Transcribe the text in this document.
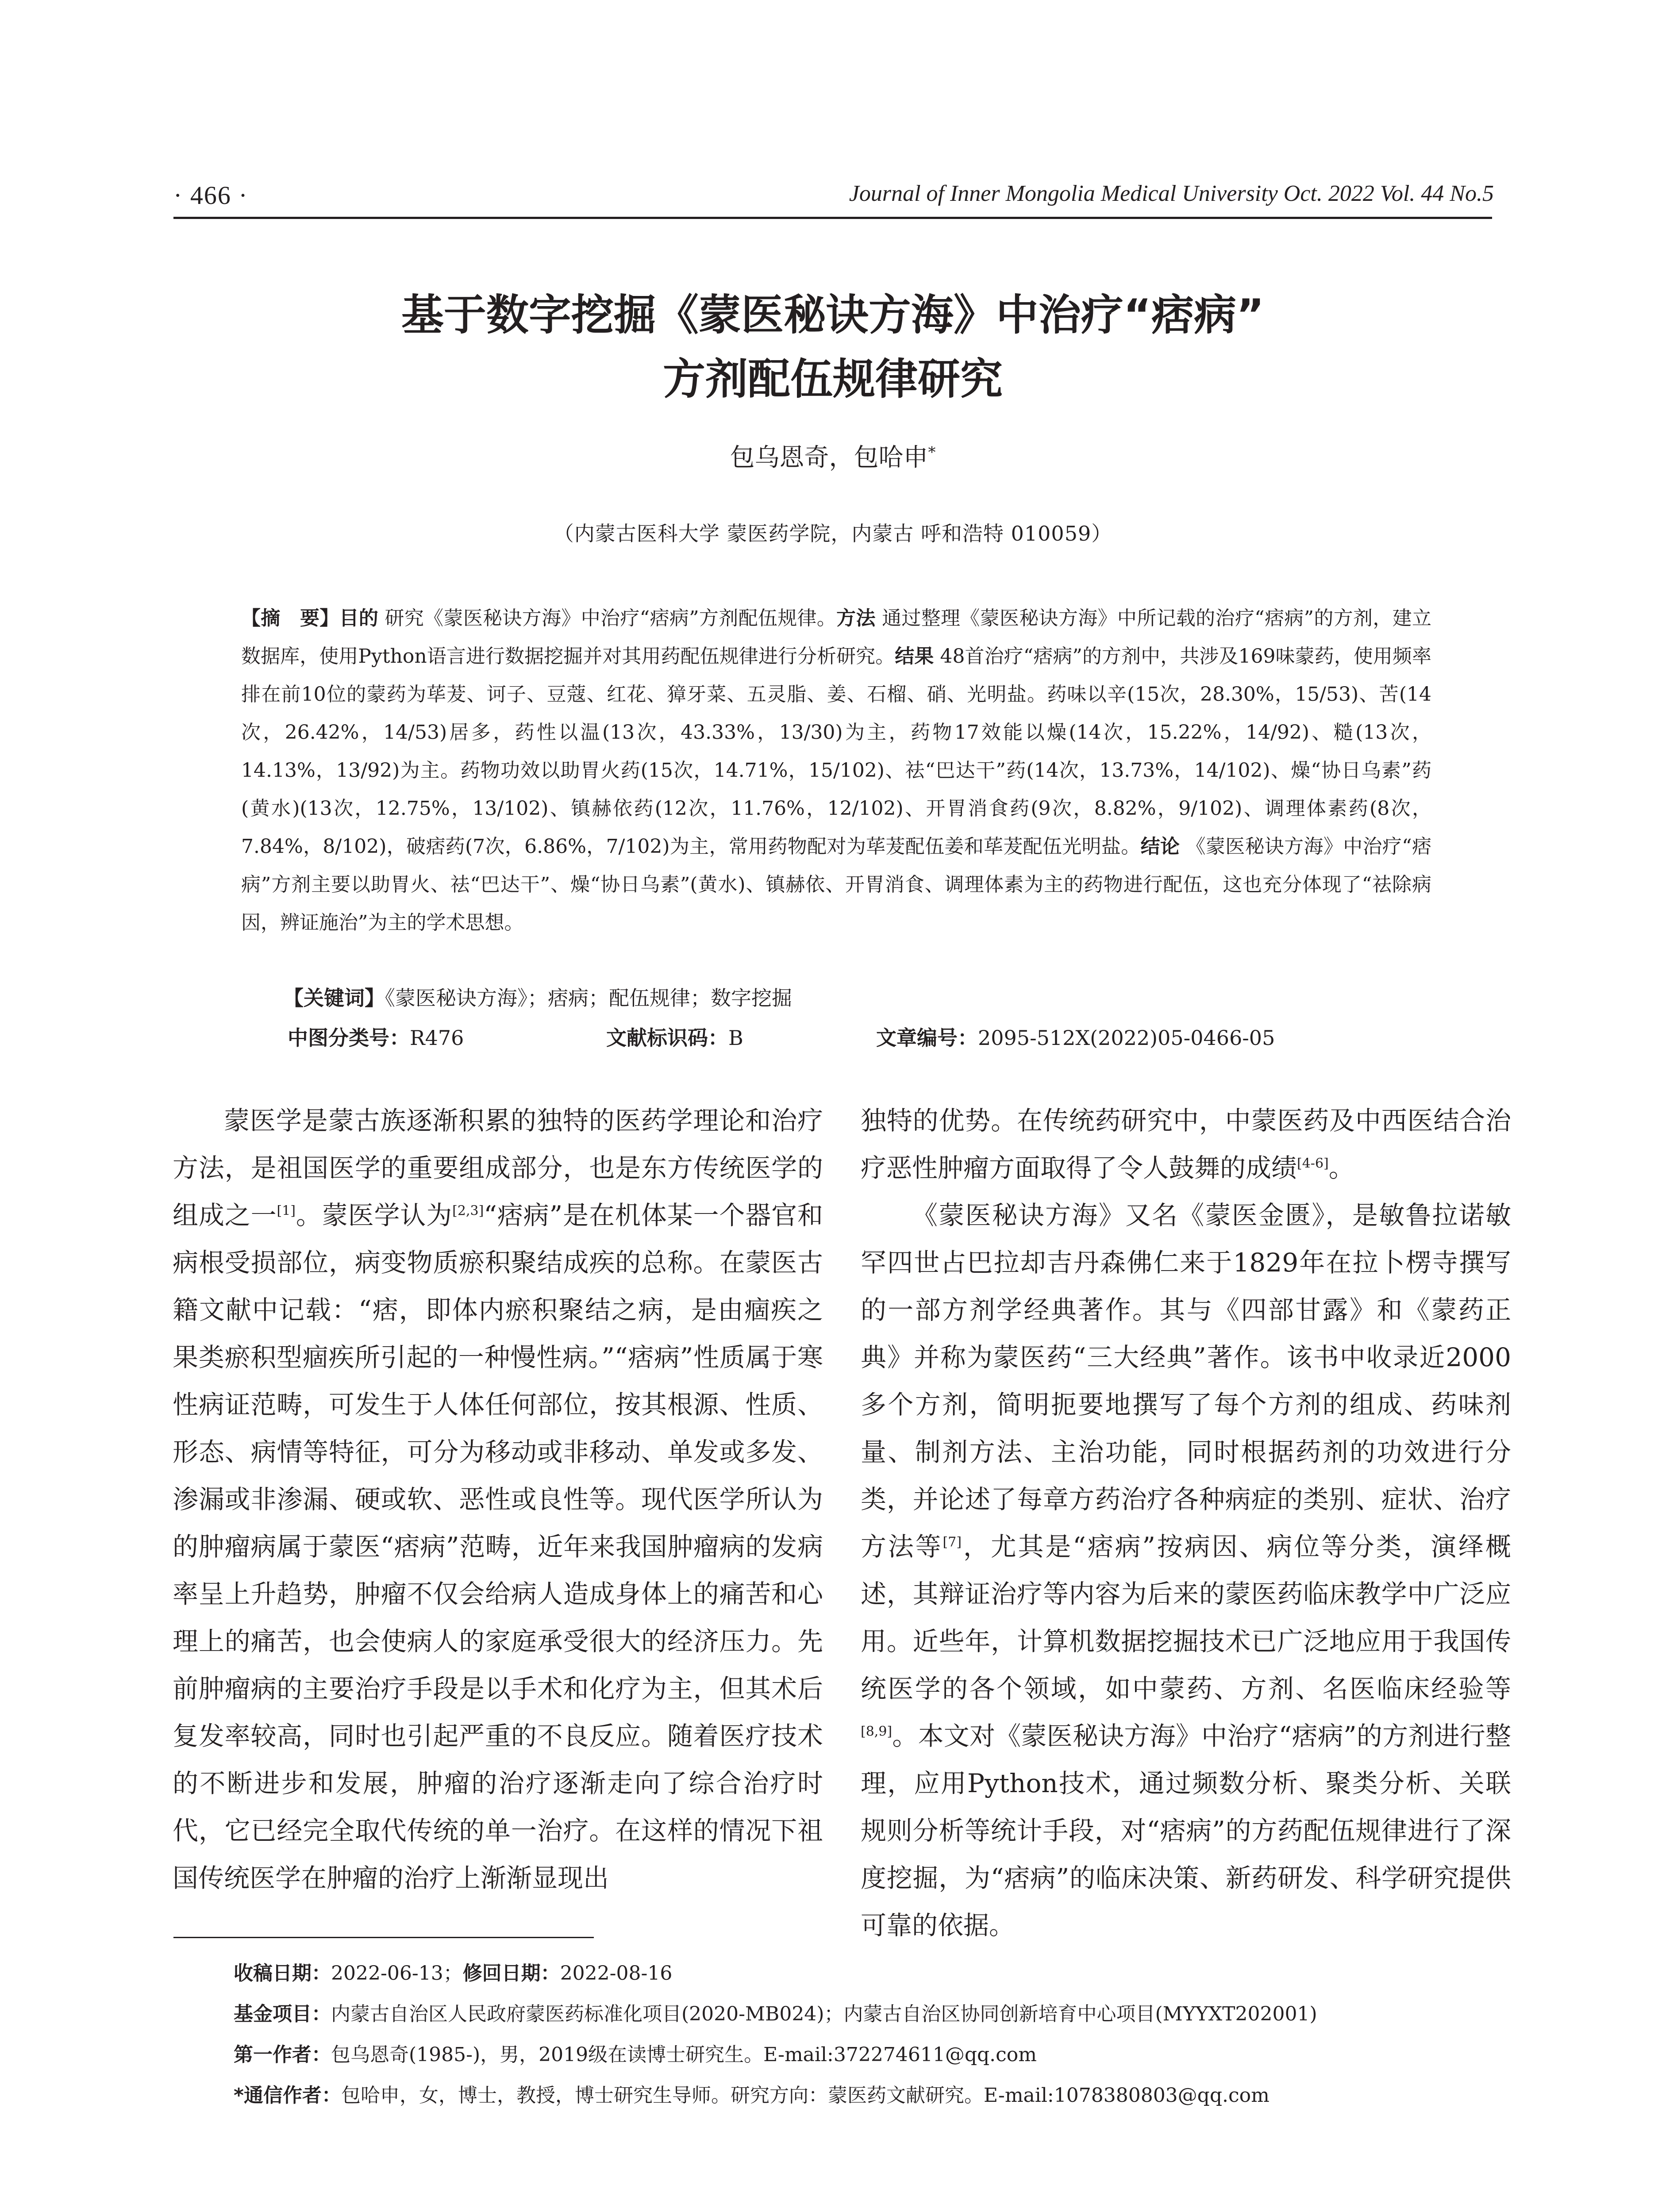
· 466 ·	Journal of Inner Mongolia Medical University Oct. 2022 Vol. 44 No.5
基于数字挖掘《蒙医秘诀方海》中治疗“痞病”
方剂配伍规律研究
包乌恩奇，包哈申*
（内蒙古医科大学 蒙医药学院，内蒙古 呼和浩特 010059）
【摘　要】目的 研究《蒙医秘诀方海》中治疗“痞病”方剂配伍规律。方法 通过整理《蒙医秘诀方海》中所记载的治疗“痞病”的方剂，建立数据库，使用Python语言进行数据挖掘并对其用药配伍规律进行分析研究。结果 48首治疗“痞病”的方剂中，共涉及169味蒙药，使用频率排在前10位的蒙药为荜茇、诃子、豆蔻、红花、獐牙菜、五灵脂、姜、石榴、硝、光明盐。药味以辛(15次，28.30%，15/53)、苦(14次，26.42%，14/53)居多，药性以温(13次，43.33%，13/30)为主，药物17效能以燥(14次，15.22%，14/92)、糙(13次，14.13%，13/92)为主。药物功效以助胃火药(15次，14.71%，15/102)、祛“巴达干”药(14次，13.73%，14/102)、燥“协日乌素”药(黄水)(13次，12.75%，13/102)、镇赫依药(12次，11.76%，12/102)、开胃消食药(9次，8.82%，9/102)、调理体素药(8次，7.84%，8/102)，破痞药(7次，6.86%，7/102)为主，常用药物配对为荜茇配伍姜和荜茇配伍光明盐。结论 《蒙医秘诀方海》中治疗“痞病”方剂主要以助胃火、祛“巴达干”、燥“协日乌素”(黄水)、镇赫依、开胃消食、调理体素为主的药物进行配伍，这也充分体现了“祛除病因，辨证施治”为主的学术思想。
【关键词】《蒙医秘诀方海》；痞病；配伍规律；数字挖掘
中图分类号：R476	文献标识码：B	文章编号：2095-512X(2022)05-0466-05

蒙医学是蒙古族逐渐积累的独特的医药学理论和治疗方法，是祖国医学的重要组成部分，也是东方传统医学的组成之一[1]。蒙医学认为[2,3]“痞病”是在机体某一个器官和病根受损部位，病变物质瘀积聚结成疾的总称。在蒙医古籍文献中记载：“痞，即体内瘀积聚结之病，是由痼疾之果类瘀积型痼疾所引起的一种慢性病。”“痞病”性质属于寒性病证范畴，可发生于人体任何部位，按其根源、性质、形态、病情等特征，可分为移动或非移动、单发或多发、渗漏或非渗漏、硬或软、恶性或良性等。现代医学所认为的肿瘤病属于蒙医“痞病”范畴，近年来我国肿瘤病的发病率呈上升趋势，肿瘤不仅会给病人造成身体上的痛苦和心理上的痛苦，也会使病人的家庭承受很大的经济压力。先前肿瘤病的主要治疗手段是以手术和化疗为主，但其术后复发率较高，同时也引起严重的不良反应。随着医疗技术的不断进步和发展，肿瘤的治疗逐渐走向了综合治疗时代，它已经完全取代传统的单一治疗。在这样的情况下祖国传统医学在肿瘤的治疗上渐渐显现出

独特的优势。在传统药研究中，中蒙医药及中西医结合治疗恶性肿瘤方面取得了令人鼓舞的成绩[4-6]。

《蒙医秘诀方海》又名《蒙医金匮》，是敏鲁拉诺敏罕四世占巴拉却吉丹森佛仁来于1829年在拉卜楞寺撰写的一部方剂学经典著作。其与《四部甘露》和《蒙药正典》并称为蒙医药“三大经典”著作。该书中收录近2000多个方剂，简明扼要地撰写了每个方剂的组成、药味剂量、制剂方法、主治功能，同时根据药剂的功效进行分类，并论述了每章方药治疗各种病症的类别、症状、治疗方法等[7]，尤其是“痞病”按病因、病位等分类，演绎概述，其辩证治疗等内容为后来的蒙医药临床教学中广泛应用。近些年，计算机数据挖掘技术已广泛地应用于我国传统医学的各个领域，如中蒙药、方剂、名医临床经验等[8,9]。本文对《蒙医秘诀方海》中治疗“痞病”的方剂进行整理，应用Python技术，通过频数分析、聚类分析、关联规则分析等统计手段，对“痞病”的方药配伍规律进行了深度挖掘，为“痞病”的临床决策、新药研发、科学研究提供可靠的依据。

收稿日期：2022-06-13；修回日期：2022-08-16
基金项目：内蒙古自治区人民政府蒙医药标准化项目(2020-MB024)；内蒙古自治区协同创新培育中心项目(MYYXT202001)
第一作者：包乌恩奇(1985-)，男，2019级在读博士研究生。E-mail:372274611@qq.com
*通信作者：包哈申，女，博士，教授，博士研究生导师。研究方向：蒙医药文献研究。E-mail:1078380803@qq.com
